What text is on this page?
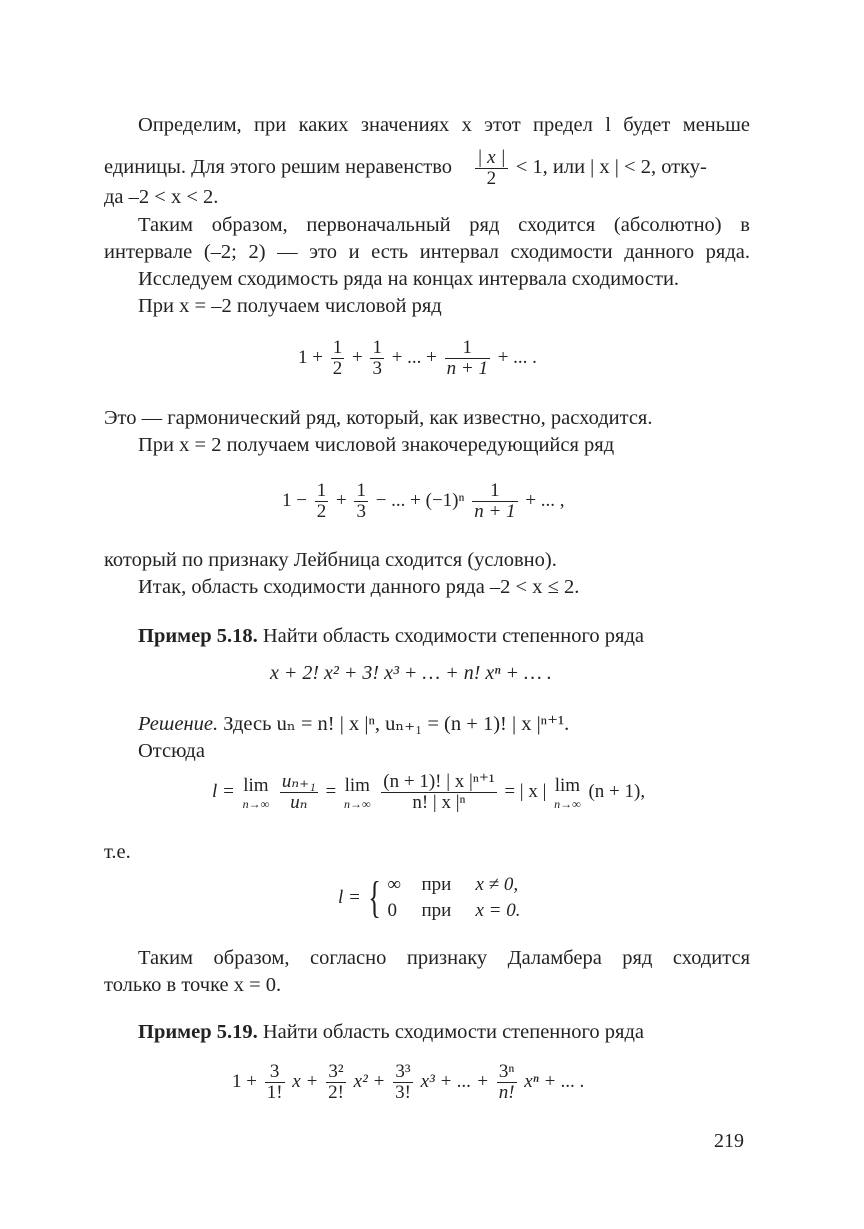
Определим, при каких значениях x этот предел l будет меньше
единицы. Для этого решим неравенство $\frac{| x |}{2} < 1$, или | x | < 2, отку-
да –2 < x < 2.
Таким образом, первоначальный ряд сходится (абсолютно) в
интервале (–2; 2) — это и есть интервал сходимости данного ряда.
Исследуем сходимость ряда на концах интервала сходимости.
При x = –2 получаем числовой ряд
$1 + \frac{1}{2} + \frac{1}{3}$ + ... + $\frac{1}{n + 1}$ + ... .
Это — гармонический ряд, который, как известно, расходится.
При x = 2 получаем числовой знакочередующийся ряд
$1 - \frac{1}{2} + \frac{1}{3}$ − ... + $(-1)^n \frac{1}{n + 1}$ + ... ,
который по признаку Лейбница сходится (условно).
Итак, область сходимости данного ряда –2 < x ≤ 2.
Пример 5.18. Найти область сходимости степенного ряда
x + 2! x² + 3! x³ + … + n! xⁿ + … .
Решение. Здесь uₙ = n! | x |ⁿ, uₙ₊₁ = (n + 1)! | x |ⁿ⁺¹.
Отсюда
l = lim
n→∞
$\frac{\text{uₙ₊₁}}{\text{uₙ}} = \lim$
n→∞
$\frac{\text{(n + 1)! | x |ⁿ⁺¹}}{\text{n! | x |ⁿ}}$ = | x | lim
n→∞
(n + 1),
т.е.
l = { ∞ при x ≠ 0,
0 при x = 0.
Таким образом, согласно признаку Даламбера ряд сходится
только в точке x = 0.
Пример 5.19. Найти область сходимости степенного ряда
$1 + \frac{3}{1!}$ $x + \frac{\text{3²}}{2!} x^2 + \frac{\text{3³}}{3!} x^3$ + ... + $\frac{\text{3ⁿ}}{n!}$ xⁿ + ... .
219
